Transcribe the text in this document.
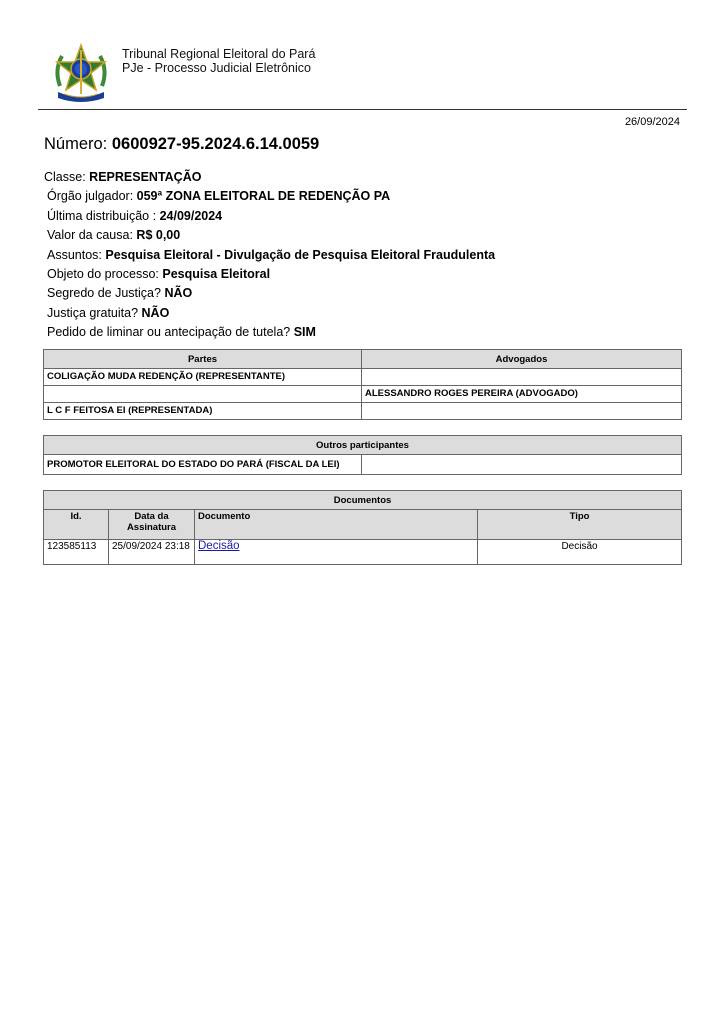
Tribunal Regional Eleitoral do Pará
PJe - Processo Judicial Eletrônico
26/09/2024
Número: 0600927-95.2024.6.14.0059
Classe: REPRESENTAÇÃO
Órgão julgador: 059ª ZONA ELEITORAL DE REDENÇÃO PA
Última distribuição : 24/09/2024
Valor da causa: R$ 0,00
Assuntos: Pesquisa Eleitoral - Divulgação de Pesquisa Eleitoral Fraudulenta
Objeto do processo: Pesquisa Eleitoral
Segredo de Justiça? NÃO
Justiça gratuita? NÃO
Pedido de liminar ou antecipação de tutela? SIM
Partes	Advogados
COLIGAÇÃO MUDA REDENÇÃO (REPRESENTANTE)	
	ALESSANDRO ROGES PEREIRA (ADVOGADO)
L C F FEITOSA EI (REPRESENTADA)	
Outros participantes
PROMOTOR ELEITORAL DO ESTADO DO PARÁ (FISCAL DA LEI)	
Documentos			
Id.	Data da Assinatura	Documento	Tipo
123585113	25/09/2024 23:18	Decisão	Decisão
